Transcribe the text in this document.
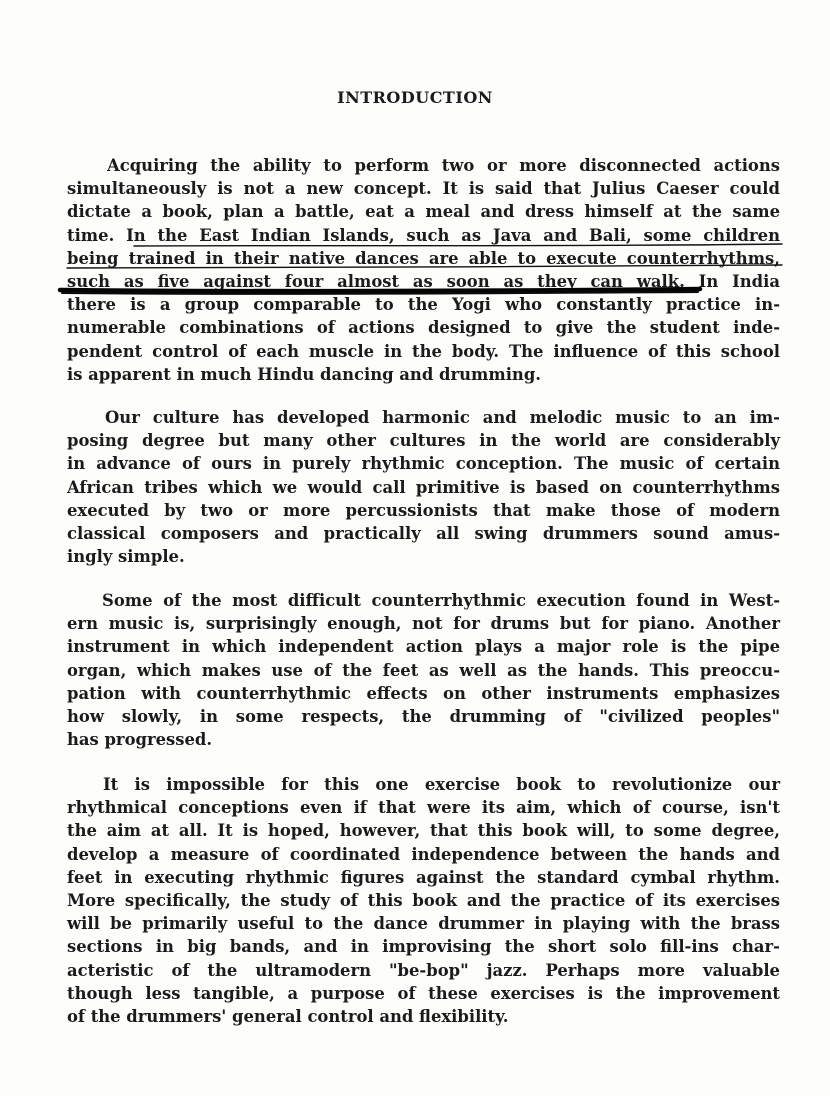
INTRODUCTION
Acquiring the ability to perform two or more disconnected actions
simultaneously is not a new concept. It is said that Julius Caeser could
dictate a book, plan a battle, eat a meal and dress himself at the same
time. In the East Indian Islands, such as Java and Bali, some children
being trained in their native dances are able to execute counterrhythms,
such as five against four almost as soon as they can walk. In India
there is a group comparable to the Yogi who constantly practice in-
numerable combinations of actions designed to give the student inde-
pendent control of each muscle in the body. The influence of this school
is apparent in much Hindu dancing and drumming.
Our culture has developed harmonic and melodic music to an im-
posing degree but many other cultures in the world are considerably
in advance of ours in purely rhythmic conception. The music of certain
African tribes which we would call primitive is based on counterrhythms
executed by two or more percussionists that make those of modern
classical composers and practically all swing drummers sound amus-
ingly simple.
Some of the most difficult counterrhythmic execution found in West-
ern music is, surprisingly enough, not for drums but for piano. Another
instrument in which independent action plays a major role is the pipe
organ, which makes use of the feet as well as the hands. This preoccu-
pation with counterrhythmic effects on other instruments emphasizes
how slowly, in some respects, the drumming of "civilized peoples"
has progressed.
It is impossible for this one exercise book to revolutionize our
rhythmical conceptions even if that were its aim, which of course, isn't
the aim at all. It is hoped, however, that this book will, to some degree,
develop a measure of coordinated independence between the hands and
feet in executing rhythmic figures against the standard cymbal rhythm.
More specifically, the study of this book and the practice of its exercises
will be primarily useful to the dance drummer in playing with the brass
sections in big bands, and in improvising the short solo fill-ins char-
acteristic of the ultramodern "be-bop" jazz. Perhaps more valuable
though less tangible, a purpose of these exercises is the improvement
of the drummers' general control and flexibility.
